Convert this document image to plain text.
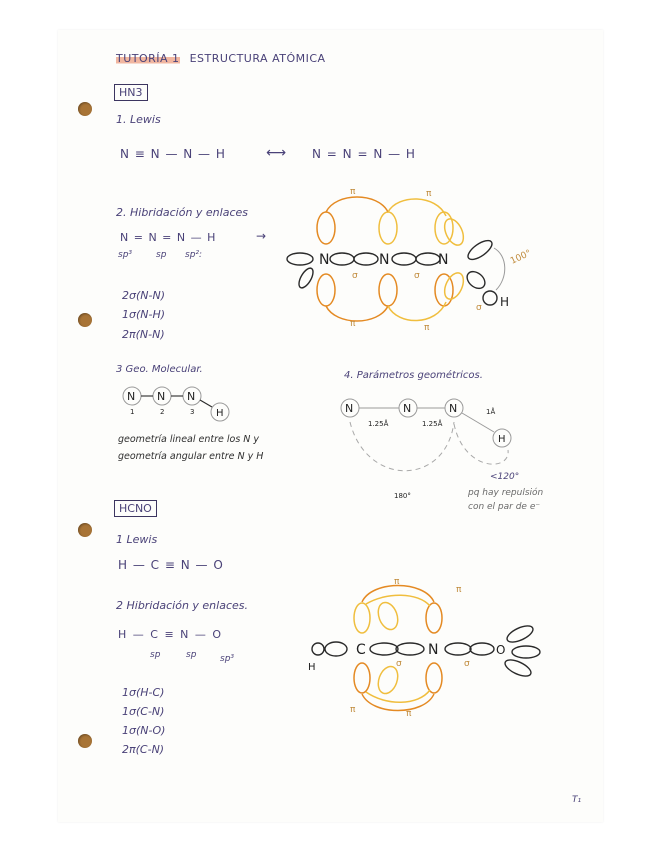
TUTORÍA 1 ESTRUCTURA ATÓMICA
HN3
1. Lewis
N ≡ N — N — H	⟷ N = N = N — H
2. Hibridación y enlaces
N = N = N — H	→
sp³	sp sp²:
2σ(N-N)
1σ(N-H)
2π(N-N)
N	N	N
H
π	π
π	π
σ	σ
σ
100°
3 Geo. Molecular.
N N N
H
1	2	3
geometría lineal entre los N y
geometría angular entre N y H
4. Parámetros geométricos.
N	N	N
H
1.25Å	1.25Å
1Å
180°
<120°
pq hay repulsión
con el par de e⁻
HCNO
1 Lewis
H — C ≡ N — O
2 Hibridación y enlaces.
H — C ≡ N — O
sp	sp	sp³
1σ(H-C)
1σ(C-N)
1σ(N-O)
2π(C-N)
C	N	O
H
π
π
π	π
σ	σ
T₁
